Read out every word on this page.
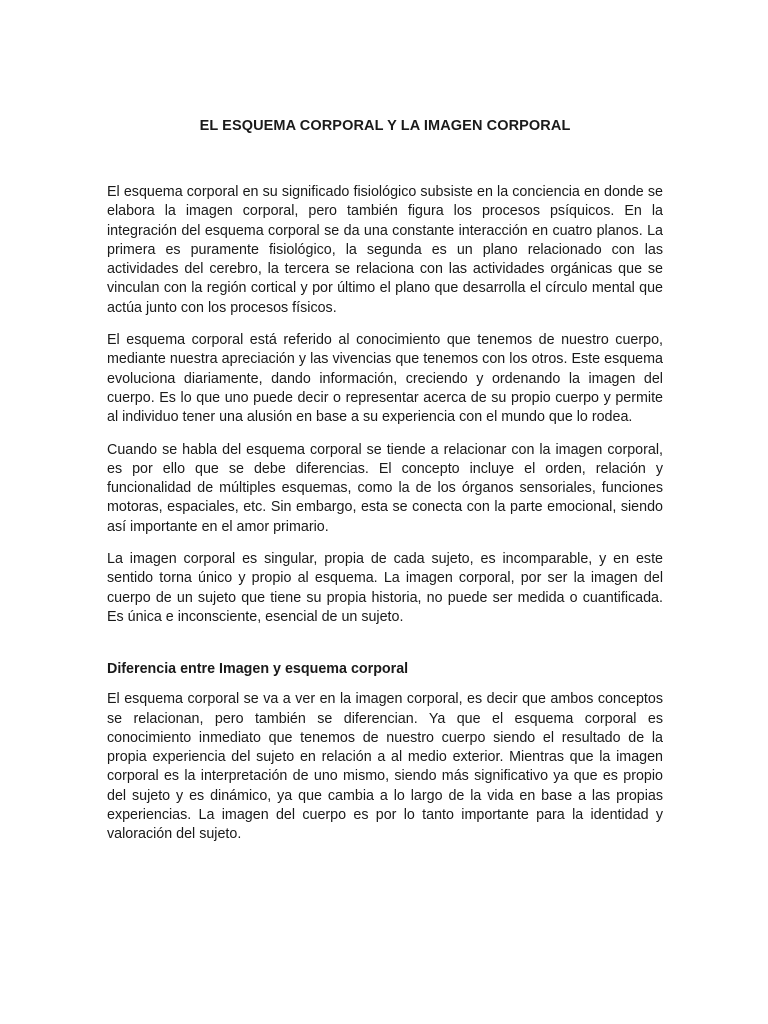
EL ESQUEMA CORPORAL Y LA IMAGEN CORPORAL

El esquema corporal en su significado fisiológico subsiste en la conciencia en donde se elabora la imagen corporal, pero también figura los procesos psíquicos. En la integración del esquema corporal se da una constante interacción en cuatro planos. La primera es puramente fisiológico, la segunda es un plano relacionado con las actividades del cerebro, la tercera se relaciona con las actividades orgánicas que se vinculan con la región cortical y por último el plano que desarrolla el círculo mental que actúa junto con los procesos físicos.

El esquema corporal está referido al conocimiento que tenemos de nuestro cuerpo, mediante nuestra apreciación y las vivencias que tenemos con los otros. Este esquema evoluciona diariamente, dando información, creciendo y ordenando la imagen del cuerpo. Es lo que uno puede decir o representar acerca de su propio cuerpo y permite al individuo tener una alusión en base a su experiencia con el mundo que lo rodea.

Cuando se habla del esquema corporal se tiende a relacionar con la imagen corporal, es por ello que se debe diferencias. El concepto incluye el orden, relación y funcionalidad de múltiples esquemas, como la de los órganos sensoriales, funciones motoras, espaciales, etc. Sin embargo, esta se conecta con la parte emocional, siendo así importante en el amor primario.

La imagen corporal es singular, propia de cada sujeto, es incomparable, y en este sentido torna único y propio al esquema. La imagen corporal, por ser la imagen del cuerpo de un sujeto que tiene su propia historia, no puede ser medida o cuantificada. Es única e inconsciente, esencial de un sujeto.

Diferencia entre Imagen y esquema corporal

El esquema corporal se va a ver en la imagen corporal, es decir que ambos conceptos se relacionan, pero también se diferencian. Ya que el esquema corporal es conocimiento inmediato que tenemos de nuestro cuerpo siendo el resultado de la propia experiencia del sujeto en relación a al medio exterior. Mientras que la imagen corporal es la interpretación de uno mismo, siendo más significativo ya que es propio del sujeto y es dinámico, ya que cambia a lo largo de la vida en base a las propias experiencias. La imagen del cuerpo es por lo tanto importante para la identidad y valoración del sujeto.
